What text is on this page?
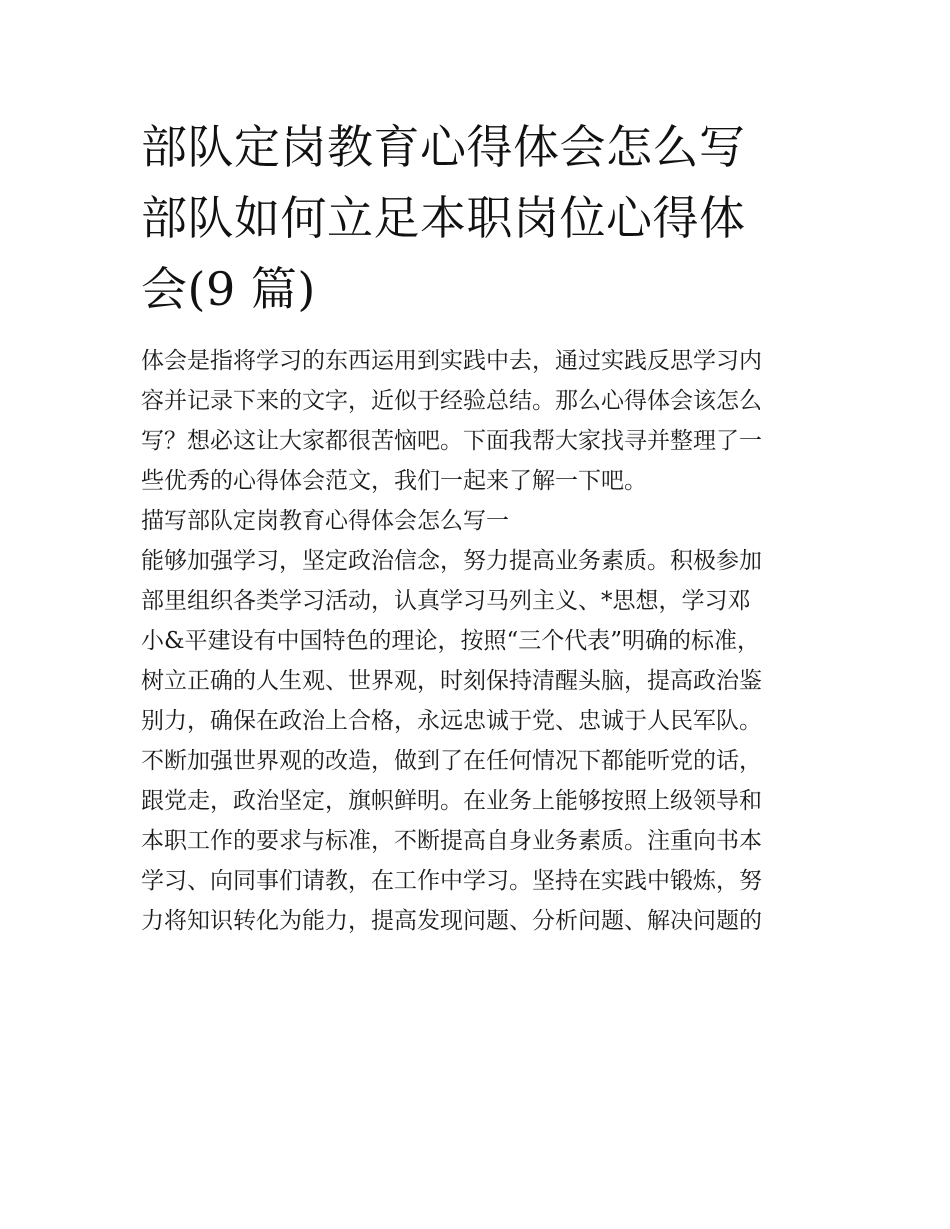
部队定岗教育心得体会怎么写
部队如何立足本职岗位心得体
会(9 篇)
体会是指将学习的东西运用到实践中去，通过实践反思学习内
容并记录下来的文字，近似于经验总结。那么心得体会该怎么
写？想必这让大家都很苦恼吧。下面我帮大家找寻并整理了一
些优秀的心得体会范文，我们一起来了解一下吧。
描写部队定岗教育心得体会怎么写一
能够加强学习，坚定政治信念，努力提高业务素质。积极参加
部里组织各类学习活动，认真学习马列主义、*思想，学习邓
小&平建设有中国特色的理论，按照“三个代表”明确的标准，
树立正确的人生观、世界观，时刻保持清醒头脑，提高政治鉴
别力，确保在政治上合格，永远忠诚于党、忠诚于人民军队。
不断加强世界观的改造，做到了在任何情况下都能听党的话，
跟党走，政治坚定，旗帜鲜明。在业务上能够按照上级领导和
本职工作的要求与标准，不断提高自身业务素质。注重向书本
学习、向同事们请教，在工作中学习。坚持在实践中锻炼，努
力将知识转化为能力，提高发现问题、分析问题、解决问题的
